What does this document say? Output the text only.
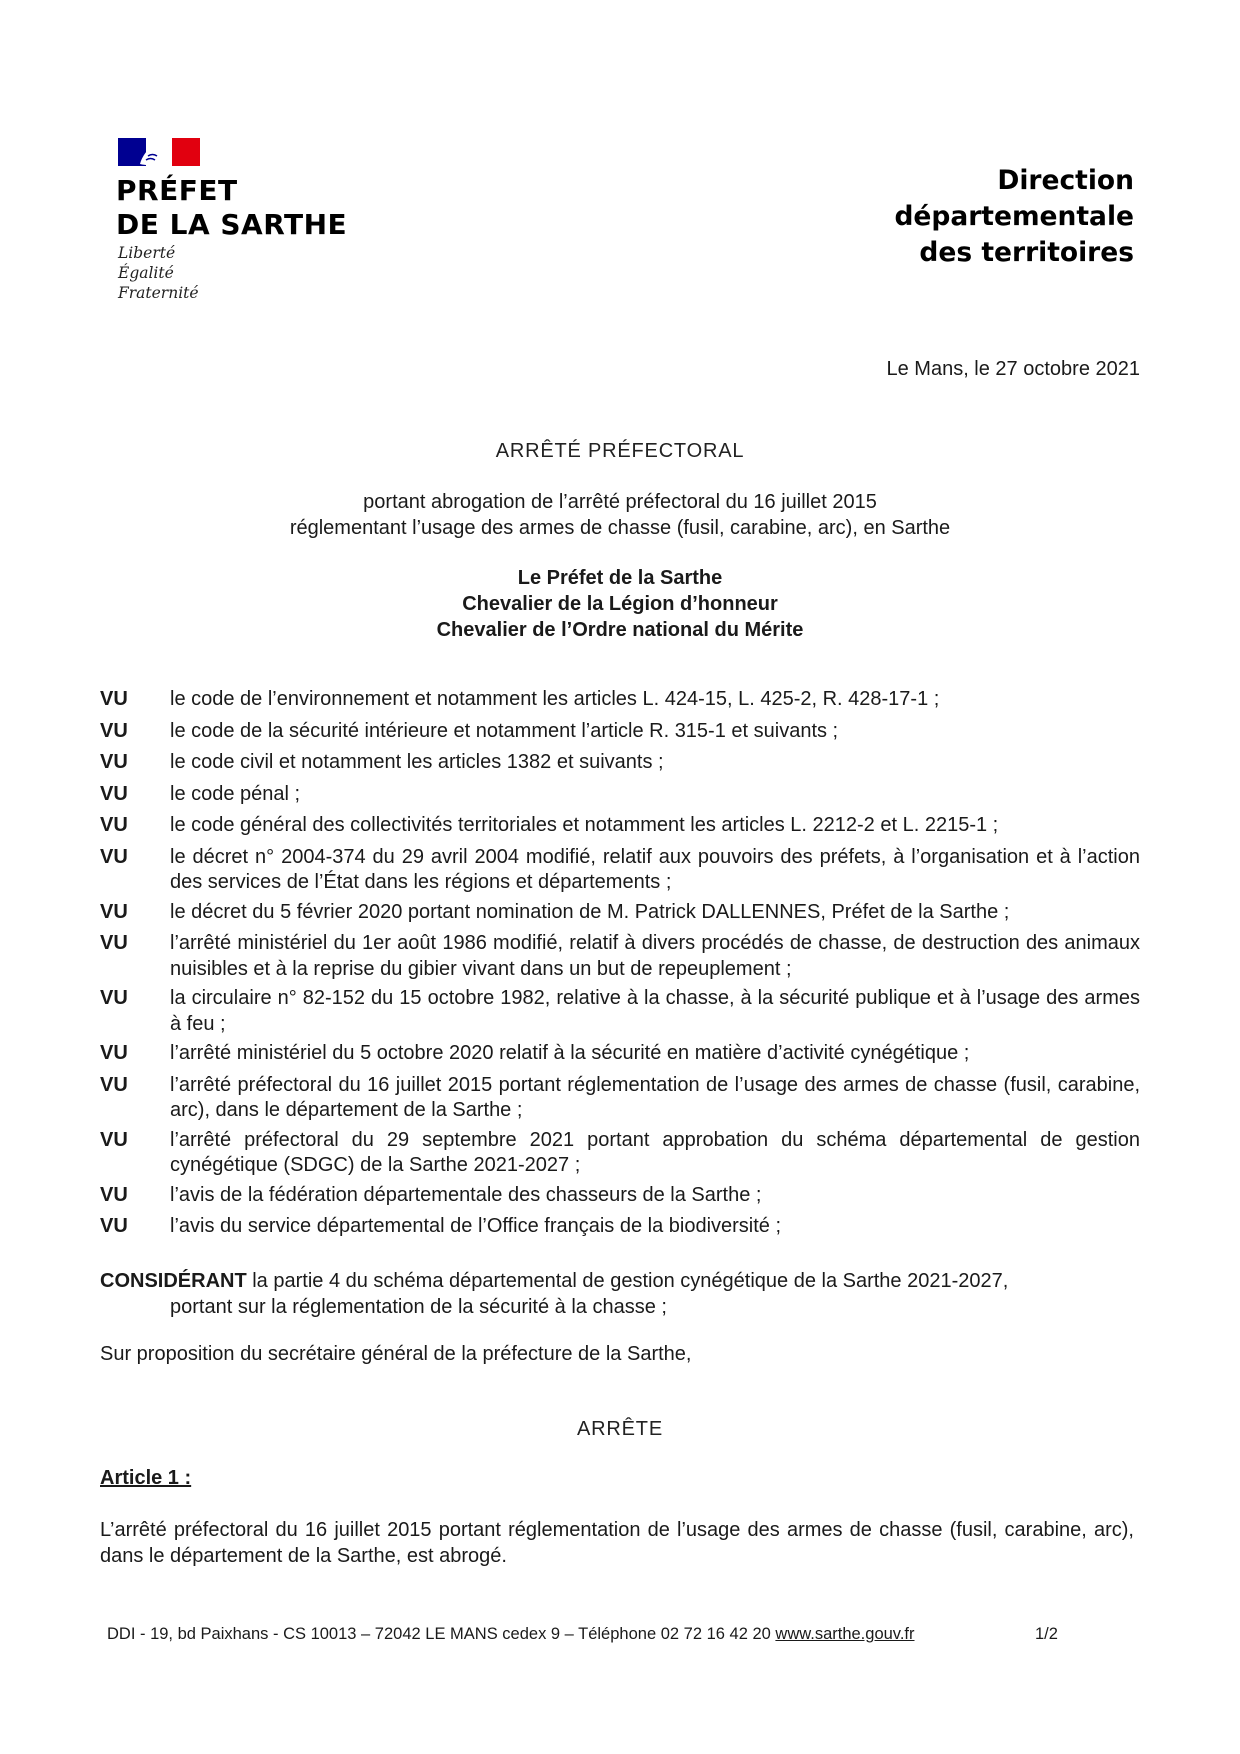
PRÉFET
DE LA SARTHE
Liberté
Égalité
Fraternité
Direction
départementale
des territoires
Le Mans, le 27 octobre 2021
ARRÊTÉ PRÉFECTORAL
portant abrogation de l’arrêté préfectoral du 16 juillet 2015
réglementant l’usage des armes de chasse (fusil, carabine, arc), en Sarthe
Le Préfet de la Sarthe
Chevalier de la Légion d’honneur
Chevalier de l’Ordre national du Mérite
VU	le code de l’environnement et notamment les articles L. 424-15, L. 425-2, R. 428-17-1 ;
VU	le code de la sécurité intérieure et notamment l’article R. 315-1 et suivants ;
VU	le code civil et notamment les articles 1382 et suivants ;
VU	le code pénal ;
VU	le code général des collectivités territoriales et notamment les articles L. 2212-2 et L. 2215-1 ;
VU	le décret n° 2004-374 du 29 avril 2004 modifié, relatif aux pouvoirs des préfets, à l’organisation et à l’action des services de l’État dans les régions et départements ;
VU	le décret du 5 février 2020 portant nomination de M. Patrick DALLENNES, Préfet de la Sarthe ;
VU	l’arrêté ministériel du 1er août 1986 modifié, relatif à divers procédés de chasse, de destruction des animaux nuisibles et à la reprise du gibier vivant dans un but de repeuplement ;
VU	la circulaire n° 82-152 du 15 octobre 1982, relative à la chasse, à la sécurité publique et à l’usage des armes à feu ;
VU	l’arrêté ministériel du 5 octobre 2020 relatif à la sécurité en matière d’activité cynégétique ;
VU	l’arrêté préfectoral du 16 juillet 2015 portant réglementation de l’usage des armes de chasse (fusil, carabine, arc), dans le département de la Sarthe ;
VU	l’arrêté préfectoral du 29 septembre 2021 portant approbation du schéma départemental de gestion cynégétique (SDGC) de la Sarthe 2021-2027 ;
VU	l’avis de la fédération départementale des chasseurs de la Sarthe ;
VU	l’avis du service départemental de l’Office français de la biodiversité ;
CONSIDÉRANT la partie 4 du schéma départemental de gestion cynégétique de la Sarthe 2021-2027,
portant sur la réglementation de la sécurité à la chasse ;
Sur proposition du secrétaire général de la préfecture de la Sarthe,
ARRÊTE
Article 1 :
L’arrêté préfectoral du 16 juillet 2015 portant réglementation de l’usage des armes de chasse (fusil, carabine, arc), dans le département de la Sarthe, est abrogé.
DDI - 19, bd Paixhans - CS 10013 – 72042 LE MANS cedex 9 – Téléphone 02 72 16 42 20 www.sarthe.gouv.fr	1/2
